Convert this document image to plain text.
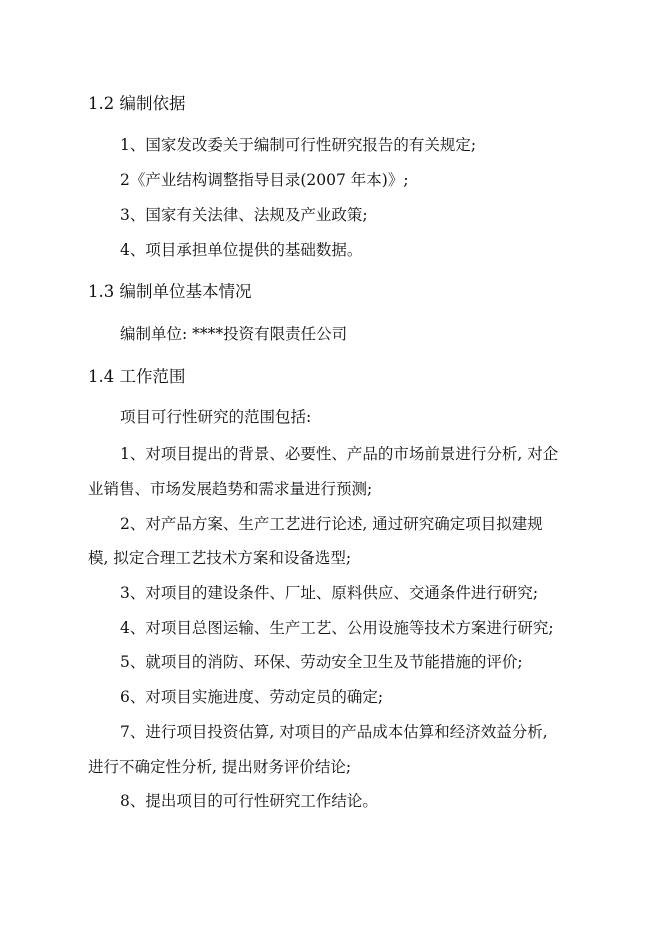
1.2 编制依据
1、国家发改委关于编制可行性研究报告的有关规定;
2《产业结构调整指导目录(2007 年本)》;
3、国家有关法律、法规及产业政策;
4、项目承担单位提供的基础数据。
1.3 编制单位基本情况
编制单位: ****投资有限责任公司
1.4 工作范围
项目可行性研究的范围包括:
1、对项目提出的背景、必要性、产品的市场前景进行分析, 对企
业销售、市场发展趋势和需求量进行预测;
2、对产品方案、生产工艺进行论述, 通过研究确定项目拟建规
模, 拟定合理工艺技术方案和设备选型;
3、对项目的建设条件、厂址、原料供应、交通条件进行研究;
4、对项目总图运输、生产工艺、公用设施等技术方案进行研究;
5、就项目的消防、环保、劳动安全卫生及节能措施的评价;
6、对项目实施进度、劳动定员的确定;
7、进行项目投资估算, 对项目的产品成本估算和经济效益分析,
进行不确定性分析, 提出财务评价结论;
8、提出项目的可行性研究工作结论。
